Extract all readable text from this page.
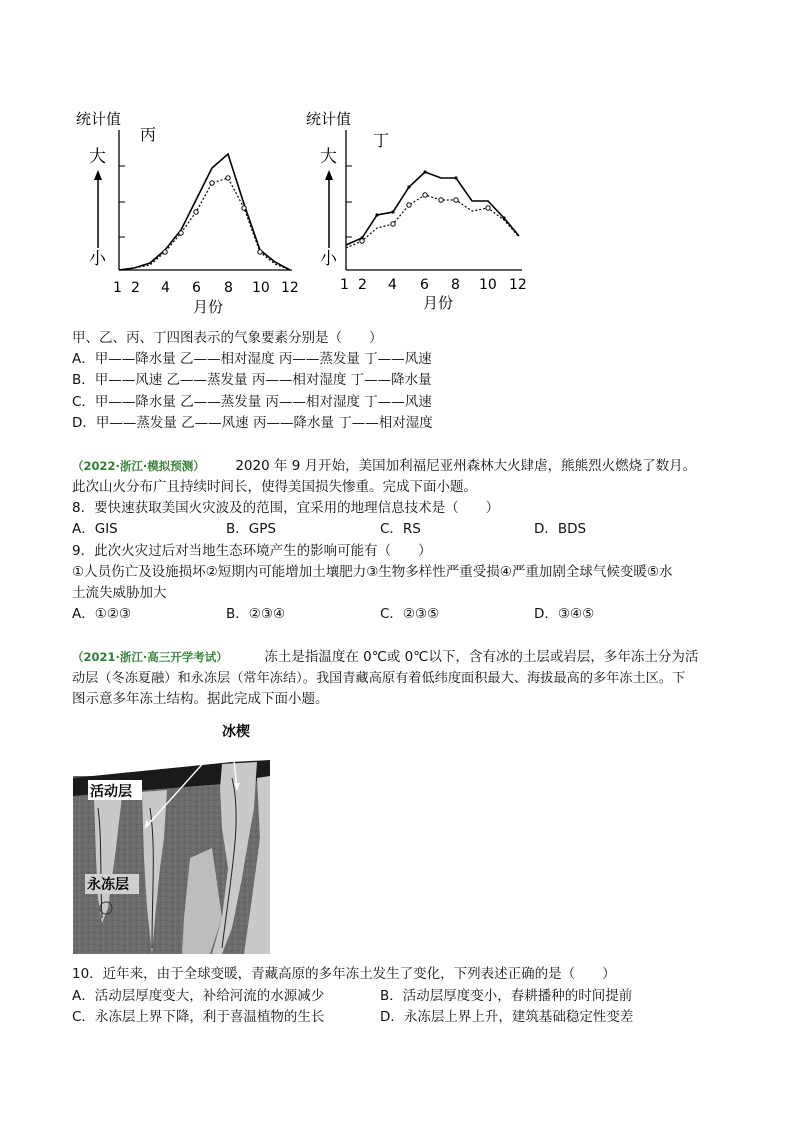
统计值
丙
大
小
1 2 4 6 8 10 12
月份
统计值
丁
大
小
1 2 4 6 8 10 12
月份
甲、乙、丙、丁四图表示的气象要素分别是（　　）
A．甲——降水量 乙——相对湿度 丙——蒸发量 丁——风速
B．甲——风速 乙——蒸发量 丙——相对湿度 丁——降水量
C．甲——降水量 乙——蒸发量 丙——相对湿度 丁——风速
D．甲——蒸发量 乙——风速 丙——降水量 丁——相对湿度
（2022·浙江·模拟预测） 2020 年 9 月开始，美国加利福尼亚州森林大火肆虐，熊熊烈火燃烧了数月。
此次山火分布广且持续时间长，使得美国损失惨重。完成下面小题。
8．要快速获取美国火灾波及的范围，宜采用的地理信息技术是（　　）
A．GIS	B．GPS	C．RS	D．BDS
9．此次火灾过后对当地生态环境产生的影响可能有（　　）
①人员伤亡及设施损坏②短期内可能增加土壤肥力③生物多样性严重受损④严重加剧全球气候变暖⑤水
土流失威胁加大
A．①②③	B．②③④	C．②③⑤	D．③④⑤
（2021·浙江·高三开学考试）	冻土是指温度在 0℃或 0℃以下，含有冰的土层或岩层，多年冻土分为活
动层（冬冻夏融）和永冻层（常年冻结）。我国青藏高原有着低纬度面积最大、海拔最高的多年冻土区。下
图示意多年冻土结构。据此完成下面小题。
冰楔
活动层
永冻层
10．近年来，由于全球变暖，青藏高原的多年冻土发生了变化，下列表述正确的是（　　）
A．活动层厚度变大，补给河流的水源减少	B．活动层厚度变小，春耕播种的时间提前
C．永冻层上界下降，利于喜温植物的生长	D．永冻层上界上升，建筑基础稳定性变差
